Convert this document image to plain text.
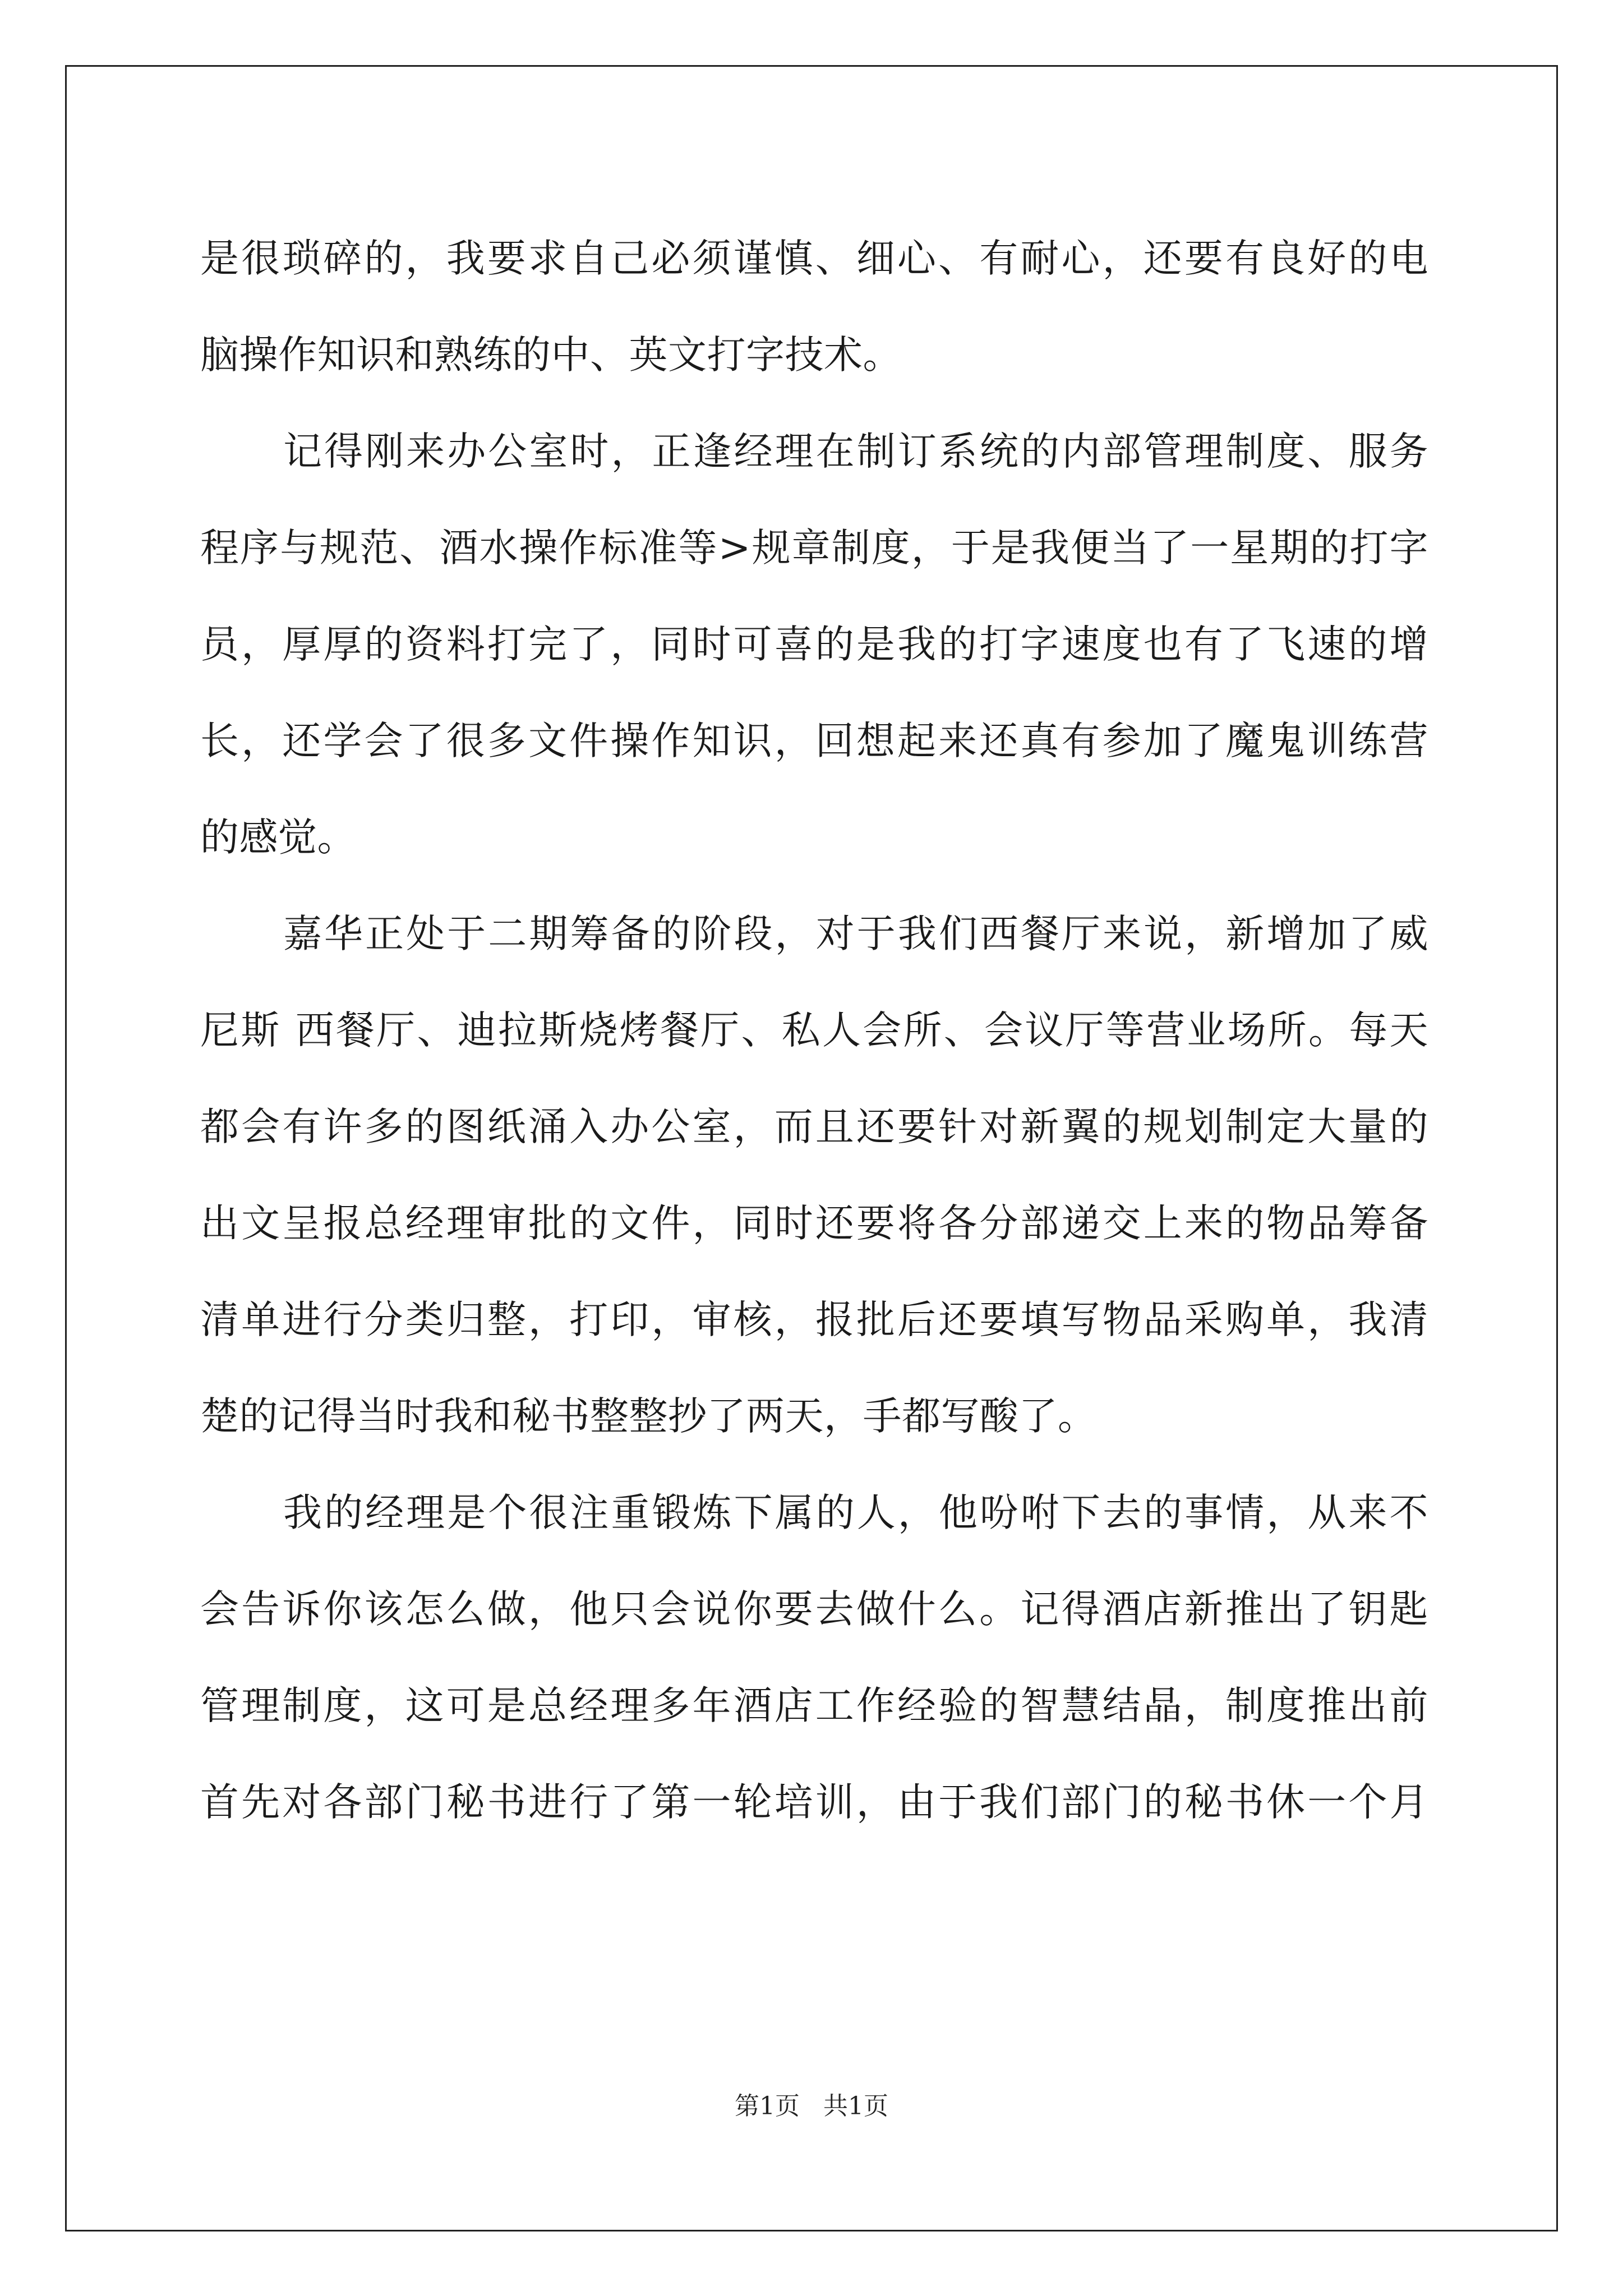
是很琐碎的，我要求自己必须谨慎、细心、有耐心，还要有良好的电
脑操作知识和熟练的中、英文打字技术。
记得刚来办公室时，正逢经理在制订系统的内部管理制度、服务
程序与规范、酒水操作标准等>规章制度，于是我便当了一星期的打字
员，厚厚的资料打完了，同时可喜的是我的打字速度也有了飞速的增
长，还学会了很多文件操作知识，回想起来还真有参加了魔鬼训练营
的感觉。
嘉华正处于二期筹备的阶段，对于我们西餐厅来说，新增加了威
尼斯 西餐厅、迪拉斯烧烤餐厅、私人会所、会议厅等营业场所。每天
都会有许多的图纸涌入办公室，而且还要针对新翼的规划制定大量的
出文呈报总经理审批的文件，同时还要将各分部递交上来的物品筹备
清单进行分类归整，打印，审核，报批后还要填写物品采购单，我清
楚的记得当时我和秘书整整抄了两天，手都写酸了。
我的经理是个很注重锻炼下属的人，他吩咐下去的事情，从来不
会告诉你该怎么做，他只会说你要去做什么。记得酒店新推出了钥匙
管理制度，这可是总经理多年酒店工作经验的智慧结晶，制度推出前
首先对各部门秘书进行了第一轮培训，由于我们部门的秘书休一个月
第1页   共1页
